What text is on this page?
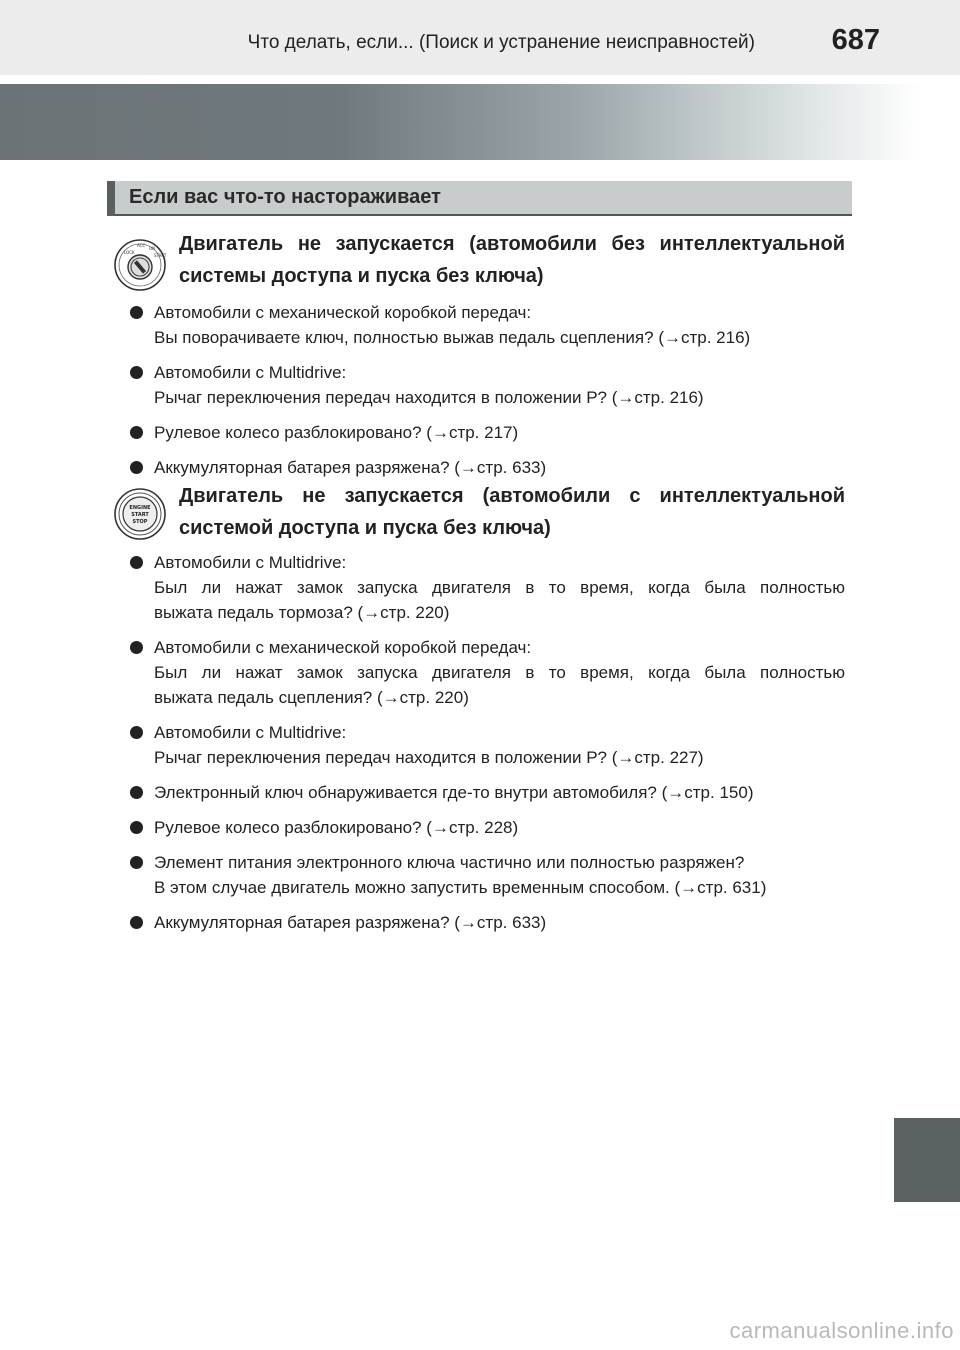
Что делать, если... (Поиск и устранение неисправностей)	687
Если вас что-то настораживает
LOCK
ACC
ON
START
Двигатель не запускается (автомобили без интеллектуальной
системы доступа и пуска без ключа)
Автомобили с механической коробкой передач:
Вы поворачиваете ключ, полностью выжав педаль сцепления? (→стр. 216)
Автомобили с Multidrive:
Рычаг переключения передач находится в положении P? (→стр. 216)
Рулевое колесо разблокировано? (→стр. 217)
Аккумуляторная батарея разряжена? (→стр. 633)
ENGINE
START
STOP
Двигатель не запускается (автомобили с интеллектуальной
системой доступа и пуска без ключа)
Автомобили с Multidrive:
Был ли нажат замок запуска двигателя в то время, когда была полностью
выжата педаль тормоза? (→стр. 220)
Автомобили с механической коробкой передач:
Был ли нажат замок запуска двигателя в то время, когда была полностью
выжата педаль сцепления? (→стр. 220)
Автомобили с Multidrive:
Рычаг переключения передач находится в положении P? (→стр. 227)
Электронный ключ обнаруживается где-то внутри автомобиля? (→стр. 150)
Рулевое колесо разблокировано? (→стр. 228)
Элемент питания электронного ключа частично или полностью разряжен?
В этом случае двигатель можно запустить временным способом. (→стр. 631)
Аккумуляторная батарея разряжена? (→стр. 633)
carmanualsonline.info
